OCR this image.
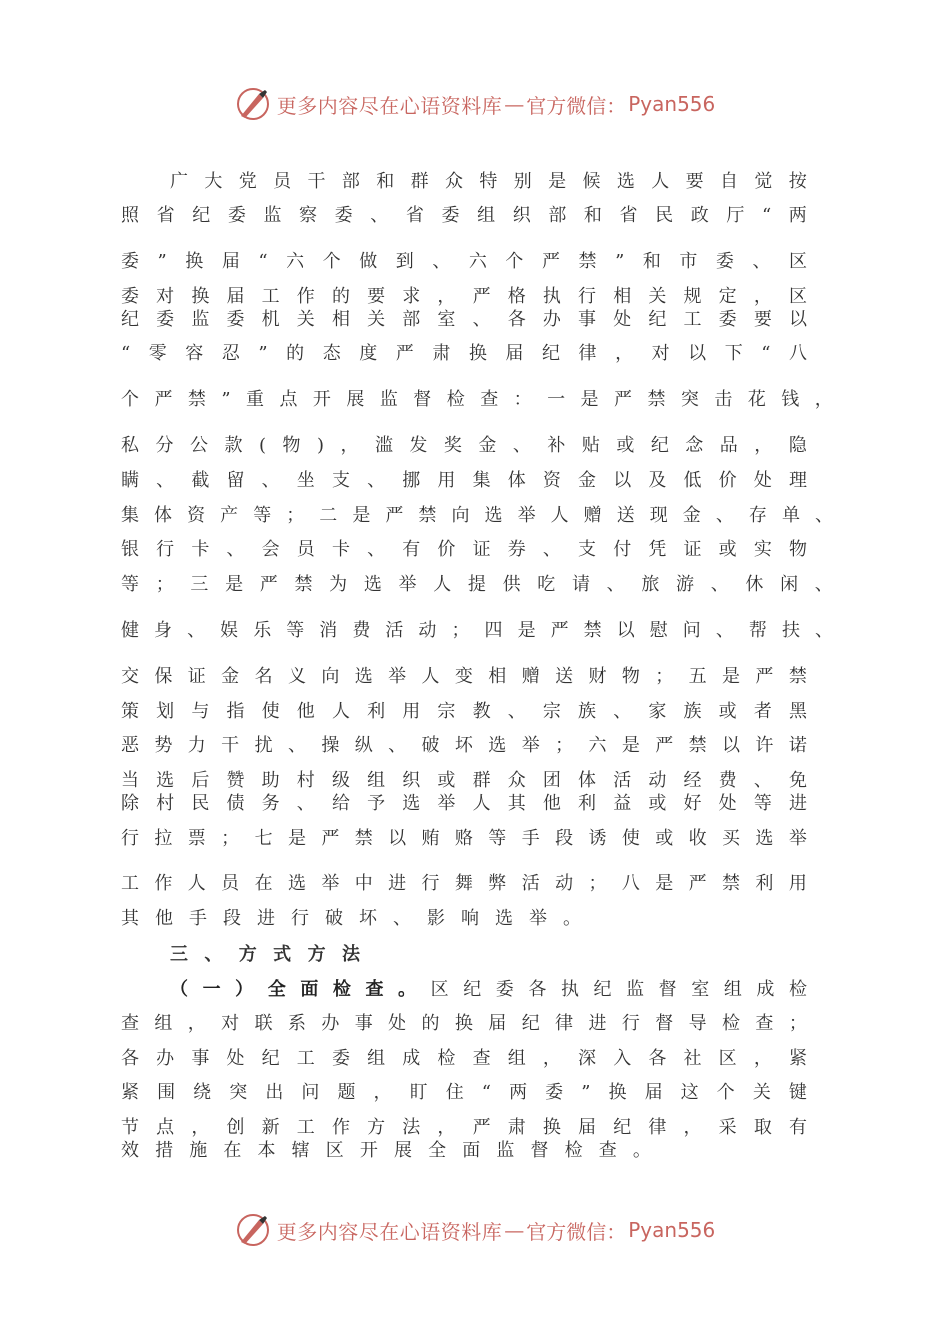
更多内容尽在心语资料库 — 官方微信： Pyan556
广 大 党 员 干 部 和 群 众 特 别 是 候 选 人 要 自 觉 按
照 省 纪 委 监 察 委 、 省 委 组 织 部 和 省 民 政 厅 “ 两
委 ” 换 届 “ 六 个 做 到 、 六 个 严 禁 ” 和 市 委 、 区
委 对 换 届 工 作 的 要 求 ， 严 格 执 行 相 关 规 定 ， 区
纪 委 监 委 机 关 相 关 部 室 、 各 办 事 处 纪 工 委 要 以
“ 零 容 忍 ” 的 态 度 严 肃 换 届 纪 律 ， 对 以 下 “ 八
个 严 禁 ” 重 点 开 展 监 督 检 查 ： 一 是 严 禁 突 击 花 钱 ，
私 分 公 款 ( 物 ) ， 滥 发 奖 金 、 补 贴 或 纪 念 品 ， 隐
瞒 、 截 留 、 坐 支 、 挪 用 集 体 资 金 以 及 低 价 处 理
集 体 资 产 等 ； 二 是 严 禁 向 选 举 人 赠 送 现 金 、 存 单 、
银 行 卡 、 会 员 卡 、 有 价 证 券 、 支 付 凭 证 或 实 物
等 ； 三 是 严 禁 为 选 举 人 提 供 吃 请 、 旅 游 、 休 闲 、
健 身 、 娱 乐 等 消 费 活 动 ； 四 是 严 禁 以 慰 问 、 帮 扶 、
交 保 证 金 名 义 向 选 举 人 变 相 赠 送 财 物 ； 五 是 严 禁
策 划 与 指 使 他 人 利 用 宗 教 、 宗 族 、 家 族 或 者 黑
恶 势 力 干 扰 、 操 纵 、 破 坏 选 举 ； 六 是 严 禁 以 许 诺
当 选 后 赞 助 村 级 组 织 或 群 众 团 体 活 动 经 费 、 免
除 村 民 债 务 、 给 予 选 举 人 其 他 利 益 或 好 处 等 进
行 拉 票 ； 七 是 严 禁 以 贿 赂 等 手 段 诱 使 或 收 买 选 举
工 作 人 员 在 选 举 中 进 行 舞 弊 活 动 ； 八 是 严 禁 利 用
其 他 手 段 进 行 破 坏 、 影 响 选 举 。
三 、 方 式 方 法
（ 一 ） 全 面 检 查 。 区 纪 委 各 执 纪 监 督 室 组 成 检
查 组 ， 对 联 系 办 事 处 的 换 届 纪 律 进 行 督 导 检 查 ；
各 办 事 处 纪 工 委 组 成 检 查 组 ， 深 入 各 社 区 ， 紧
紧 围 绕 突 出 问 题 ， 盯 住 “ 两 委 ” 换 届 这 个 关 键
节 点 ， 创 新 工 作 方 法 ， 严 肃 换 届 纪 律 ， 采 取 有
效 措 施 在 本 辖 区 开 展 全 面 监 督 检 查 。
更多内容尽在心语资料库 — 官方微信： Pyan556
